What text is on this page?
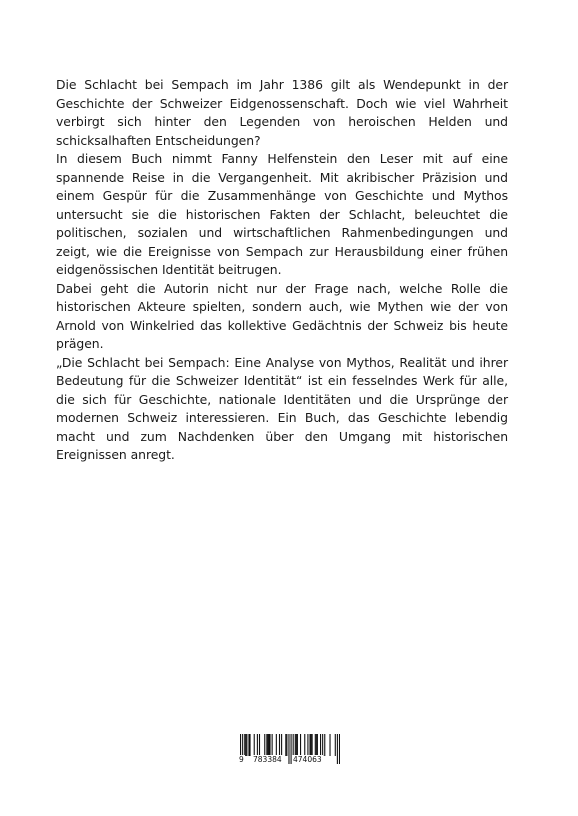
Die Schlacht bei Sempach im Jahr 1386 gilt als Wendepunkt in der Geschichte der Schweizer Eidgenossenschaft. Doch wie viel Wahrheit verbirgt sich hinter den Legenden von heroischen Helden und schicksalhaften Entscheidungen?

In diesem Buch nimmt Fanny Helfenstein den Leser mit auf eine spannende Reise in die Vergangenheit. Mit akribischer Präzision und einem Gespür für die Zusammenhänge von Geschichte und Mythos untersucht sie die historischen Fakten der Schlacht, beleuchtet die politischen, sozialen und wirtschaftlichen Rahmenbedingungen und zeigt, wie die Ereignisse von Sempach zur Herausbildung einer frühen eidgenössischen Identität beitrugen.

Dabei geht die Autorin nicht nur der Frage nach, welche Rolle die historischen Akteure spielten, sondern auch, wie Mythen wie der von Arnold von Winkelried das kollektive Gedächtnis der Schweiz bis heute prägen.

„Die Schlacht bei Sempach: Eine Analyse von Mythos, Realität und ihrer Bedeutung für die Schweizer Identität“ ist ein fesselndes Werk für alle, die sich für Geschichte, nationale Identitäten und die Ursprünge der modernen Schweiz interessieren. Ein Buch, das Geschichte lebendig macht und zum Nachdenken über den Umgang mit historischen Ereignissen anregt.

9 783384 474063
